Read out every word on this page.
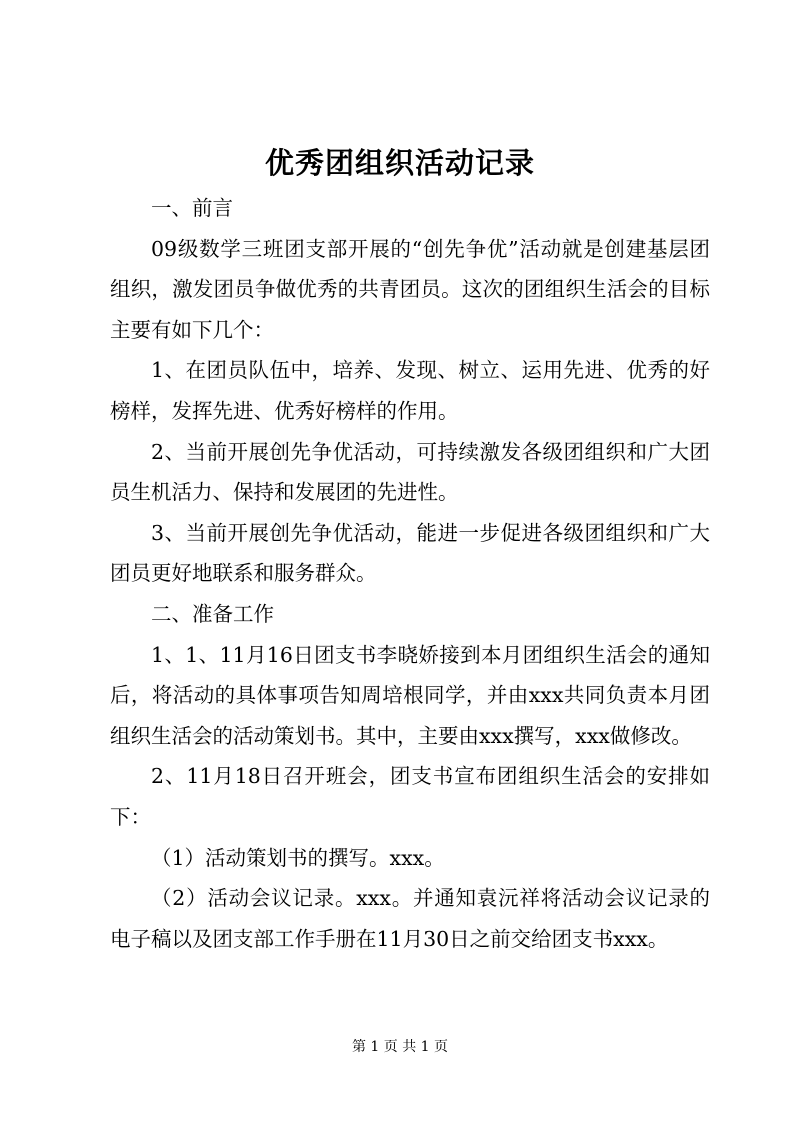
优秀团组织活动记录

一、前言

09级数学三班团支部开展的“创先争优”活动就是创建基层团组织，激发团员争做优秀的共青团员。这次的团组织生活会的目标主要有如下几个：

1、在团员队伍中，培养、发现、树立、运用先进、优秀的好榜样，发挥先进、优秀好榜样的作用。

2、当前开展创先争优活动，可持续激发各级团组织和广大团员生机活力、保持和发展团的先进性。

3、当前开展创先争优活动，能进一步促进各级团组织和广大团员更好地联系和服务群众。

二、准备工作

1、1、11月16日团支书李晓娇接到本月团组织生活会的通知后，将活动的具体事项告知周培根同学，并由xxx共同负责本月团组织生活会的活动策划书。其中，主要由xxx撰写，xxx做修改。

2、11月18日召开班会，团支书宣布团组织生活会的安排如下：

（1）活动策划书的撰写。xxx。

（2）活动会议记录。xxx。并通知袁沅祥将活动会议记录的电子稿以及团支部工作手册在11月30日之前交给团支书xxx。

第 1 页 共 1 页
